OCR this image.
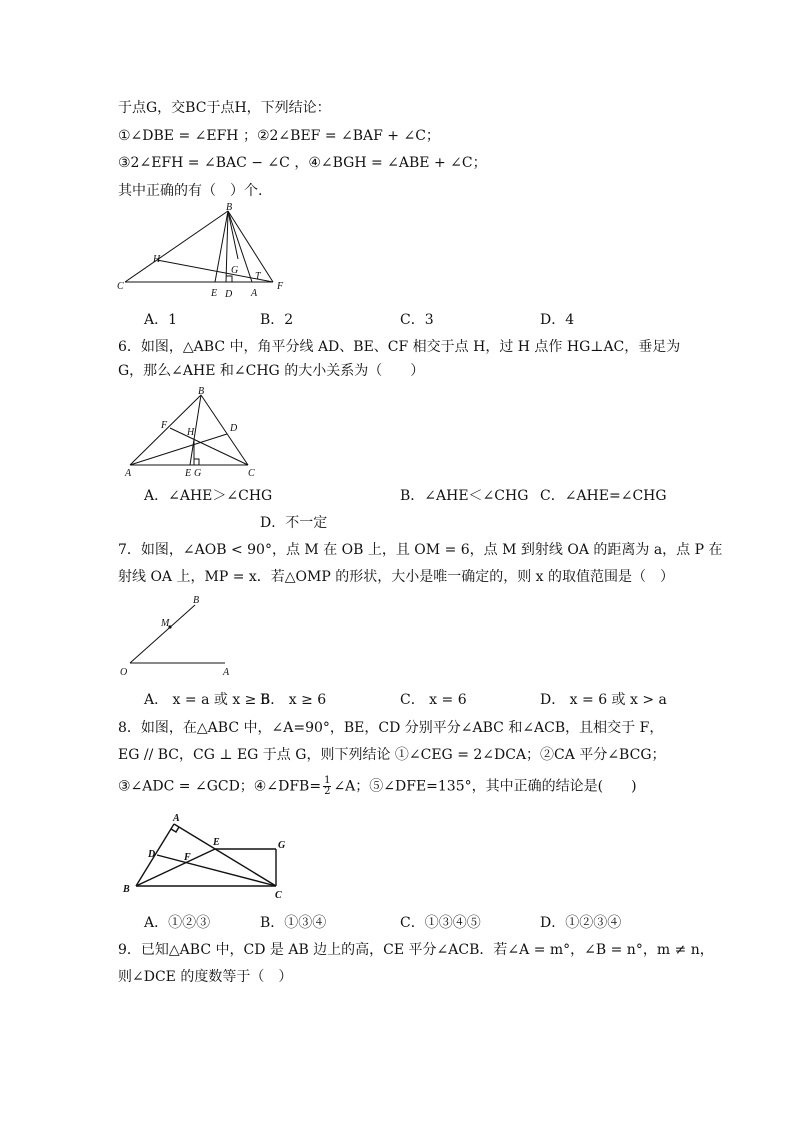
于点G，交BC于点H，下列结论：
①∠DBE = ∠EFH ；②2∠BEF = ∠BAF + ∠C；
③2∠EFH = ∠BAC − ∠C ，④∠BGH = ∠ABE + ∠C；
其中正确的有（　）个.
B
H
G
T
C
E D A
F
A．1	B．2	C．3	D．4
6．如图，△ABC 中，角平分线 AD、BE、CF 相交于点 H，过 H 点作 HG⊥AC，垂足为
G，那么∠AHE 和∠CHG 的大小关系为（　　）
B
F
H	D
A	E G	C
A．∠AHE＞∠CHG	B．∠AHE＜∠CHG C．∠AHE=∠CHG
D．不一定
7．如图，∠AOB < 90°，点 M 在 OB 上，且 OM = 6，点 M 到射线 OA 的距离为 a，点 P 在
射线 OA 上，MP = x．若△OMP 的形状，大小是唯一确定的，则 x 的取值范围是（　）
B
M
O	A
A． x = a 或 x ≥ 6
B． x ≥ 6	C． x = 6	D． x = 6 或 x > a
8．如图，在△ABC 中，∠A=90°，BE，CD 分别平分∠ABC 和∠ACB，且相交于 F，
EG // BC，CG ⊥ EG 于点 G，则下列结论 ①∠CEG = 2∠DCA；②CA 平分∠BCG；
③∠ADC = ∠GCD；④∠DFB= $\frac{1}{2}$ ∠A；⑤∠DFE=135°，其中正确的结论是(　　)
A
E	G
D	F
B
C
A．①②③	B．①③④	C．①③④⑤	D．①②③④
9．已知△ABC 中，CD 是 AB 边上的高，CE 平分∠ACB．若∠A = m°，∠B = n°，m ≠ n，
则∠DCE 的度数等于（　）
